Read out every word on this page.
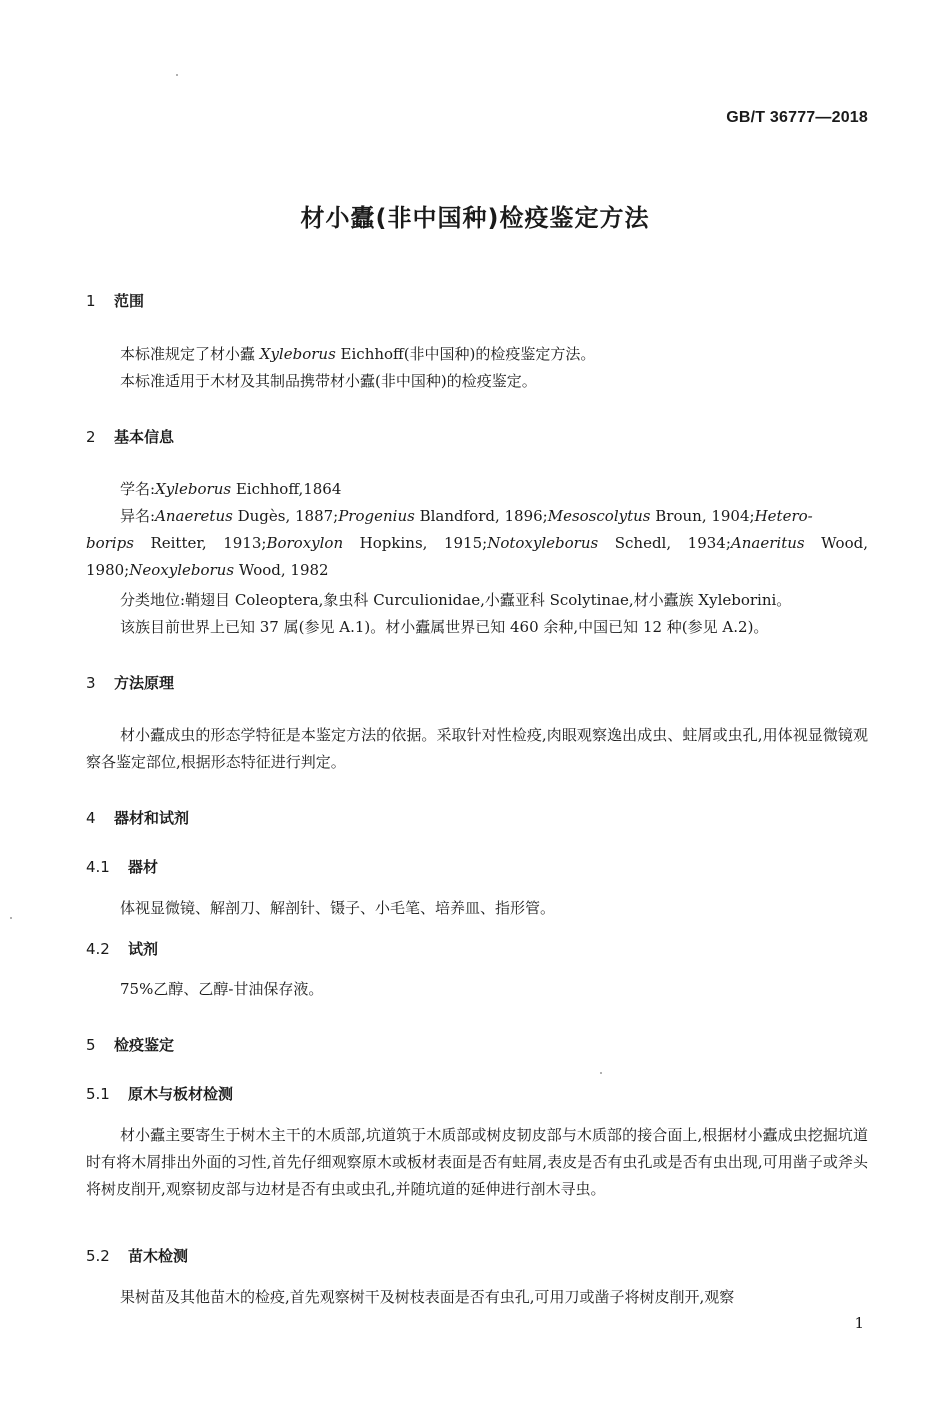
GB/T 36777—2018
材小蠹(非中国种)检疫鉴定方法
1 范围
本标准规定了材小蠹 Xyleborus Eichhoff(非中国种)的检疫鉴定方法。
本标准适用于木材及其制品携带材小蠹(非中国种)的检疫鉴定。
2 基本信息
学名:Xyleborus Eichhoff,1864
异名:Anaeretus Dugès, 1887;Progenius Blandford, 1896;Mesoscolytus Broun, 1904;Hetero-
borips Reitter, 1913;Boroxylon Hopkins, 1915;Notoxyleborus Schedl, 1934;Anaeritus Wood, 1980;Neoxyleborus Wood, 1982
分类地位:鞘翅目 Coleoptera,象虫科 Curculionidae,小蠹亚科 Scolytinae,材小蠹族 Xyleborini。
该族目前世界上已知 37 属(参见 A.1)。材小蠹属世界已知 460 余种,中国已知 12 种(参见 A.2)。
3 方法原理
材小蠹成虫的形态学特征是本鉴定方法的依据。采取针对性检疫,肉眼观察逸出成虫、蛀屑或虫孔,用体视显微镜观察各鉴定部位,根据形态特征进行判定。
4 器材和试剂
4.1 器材
体视显微镜、解剖刀、解剖针、镊子、小毛笔、培养皿、指形管。
4.2 试剂
75%乙醇、乙醇-甘油保存液。
5 检疫鉴定
5.1 原木与板材检测
材小蠹主要寄生于树木主干的木质部,坑道筑于木质部或树皮韧皮部与木质部的接合面上,根据材小蠹成虫挖掘坑道时有将木屑排出外面的习性,首先仔细观察原木或板材表面是否有蛀屑,表皮是否有虫孔或是否有虫出现,可用凿子或斧头将树皮削开,观察韧皮部与边材是否有虫或虫孔,并随坑道的延伸进行剖木寻虫。
5.2 苗木检测
果树苗及其他苗木的检疫,首先观察树干及树枝表面是否有虫孔,可用刀或凿子将树皮削开,观察
1
